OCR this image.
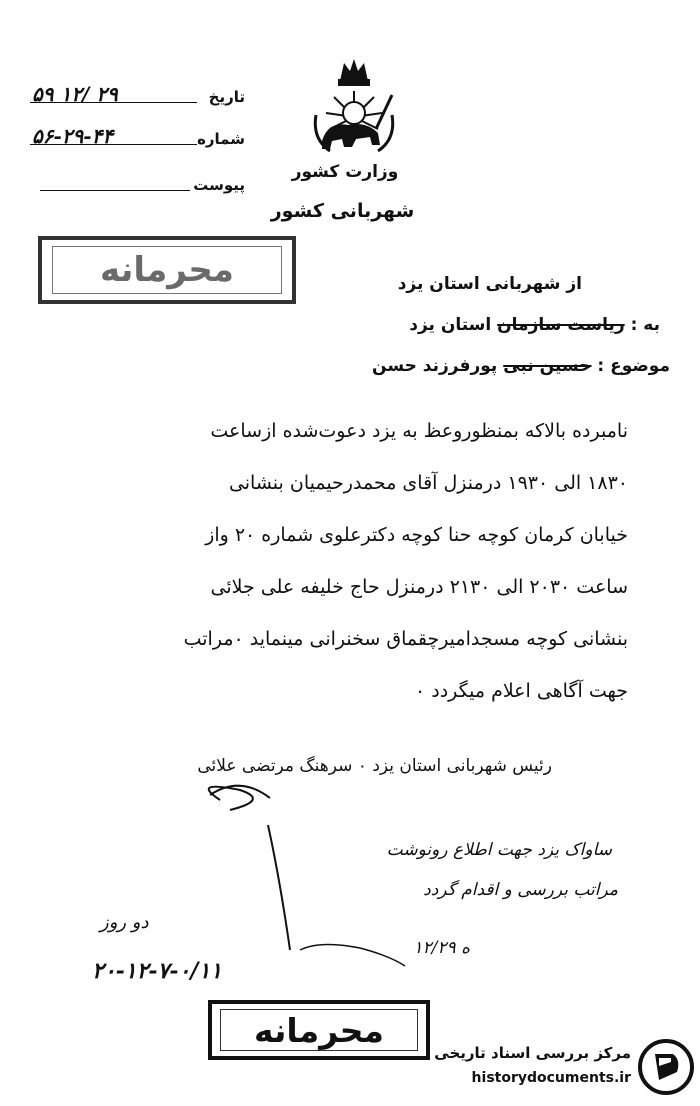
۵۹ ۱۲/ ۲۹	تاریخ
۵۶-۲۹-۴۴	شماره
پیوست
وزارت کشور
شهربانی کشور
محرمانه	از شهربانی استان یزد
به : ریاست سازمان استان یزد
موضوع : حسین نبی پورفرزند حسن
نامبرده بالاکه بمنظوروعظ به یزد دعوت‌شده ازساعت
۱۸۳۰ الی ۱۹۳۰ درمنزل آقای محمدرحیمیان بنشانی
خیابان کرمان کوچه حنا کوچه دکترعلوی شماره ۲۰ واز
ساعت ۲۰۳۰ الی ۲۱۳۰ درمنزل حاج خلیفه علی جلائی
بنشانی کوچه مسجدامیرچقماق سخنرانی مینماید ۰مراتب
جهت آگاهی اعلام میگردد ۰
رئیس شهربانی استان یزد ۰ سرهنگ مرتضی علائی
ساواک یزد جهت اطلاع رونوشت
مراتب بررسی و اقدام گردد
ه ۱۲/۲۹
دو روز
۲۰-۱۲-۷-۰/۱۱
محرمانه
مرکز بررسی اسناد تاریخی
historydocuments.ir
